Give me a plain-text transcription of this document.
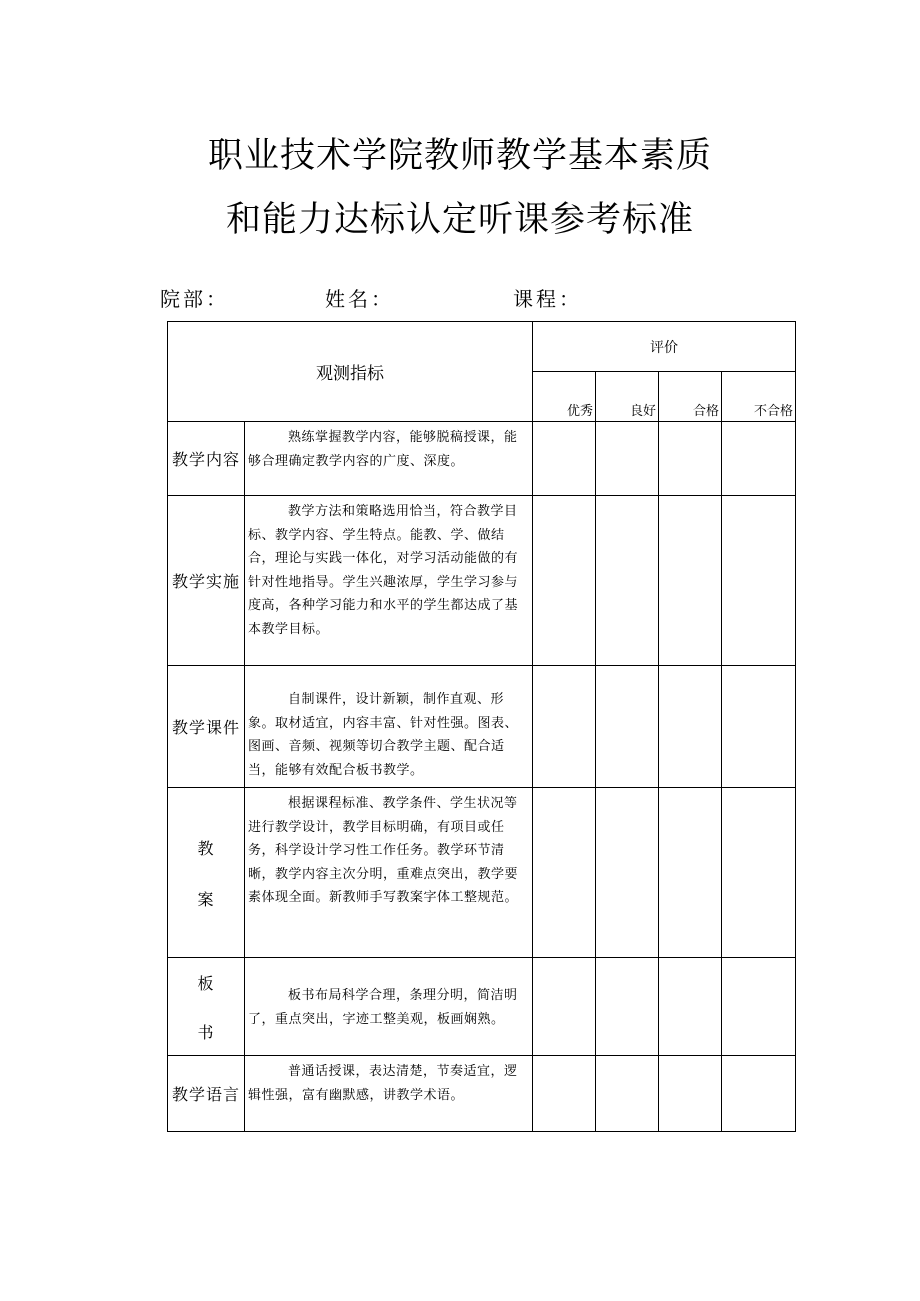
职业技术学院教师教学基本素质
和能力达标认定听课参考标准
院部：	姓名：	课程：
观测指标		评价			
		优秀	良好	合格	不合格
教学内容	熟练掌握教学内容，能够脱稿授课，能够合理确定教学内容的广度、深度。				
教学实施	教学方法和策略选用恰当，符合教学目标、教学内容、学生特点。能教、学、做结合，理论与实践一体化，对学习活动能做的有针对性地指导。学生兴趣浓厚，学生学习参与度高，各种学习能力和水平的学生都达成了基本教学目标。				
教学课件	自制课件，设计新颖，制作直观、形象。取材适宜，内容丰富、针对性强。图表、图画、音频、视频等切合教学主题、配合适当，能够有效配合板书教学。				

教
案	根据课程标准、教学条件、学生状况等进行教学设计，教学目标明确，有项目或任务，科学设计学习性工作任务。教学环节清晰，教学内容主次分明，重难点突出，教学要素体现全面。新教师手写教案字体工整规范。				

板
书	板书布局科学合理，条理分明，简洁明了，重点突出，字迹工整美观，板画娴熟。				
教学语言	普通话授课，表达清楚，节奏适宜，逻辑性强，富有幽默感，讲教学术语。				
